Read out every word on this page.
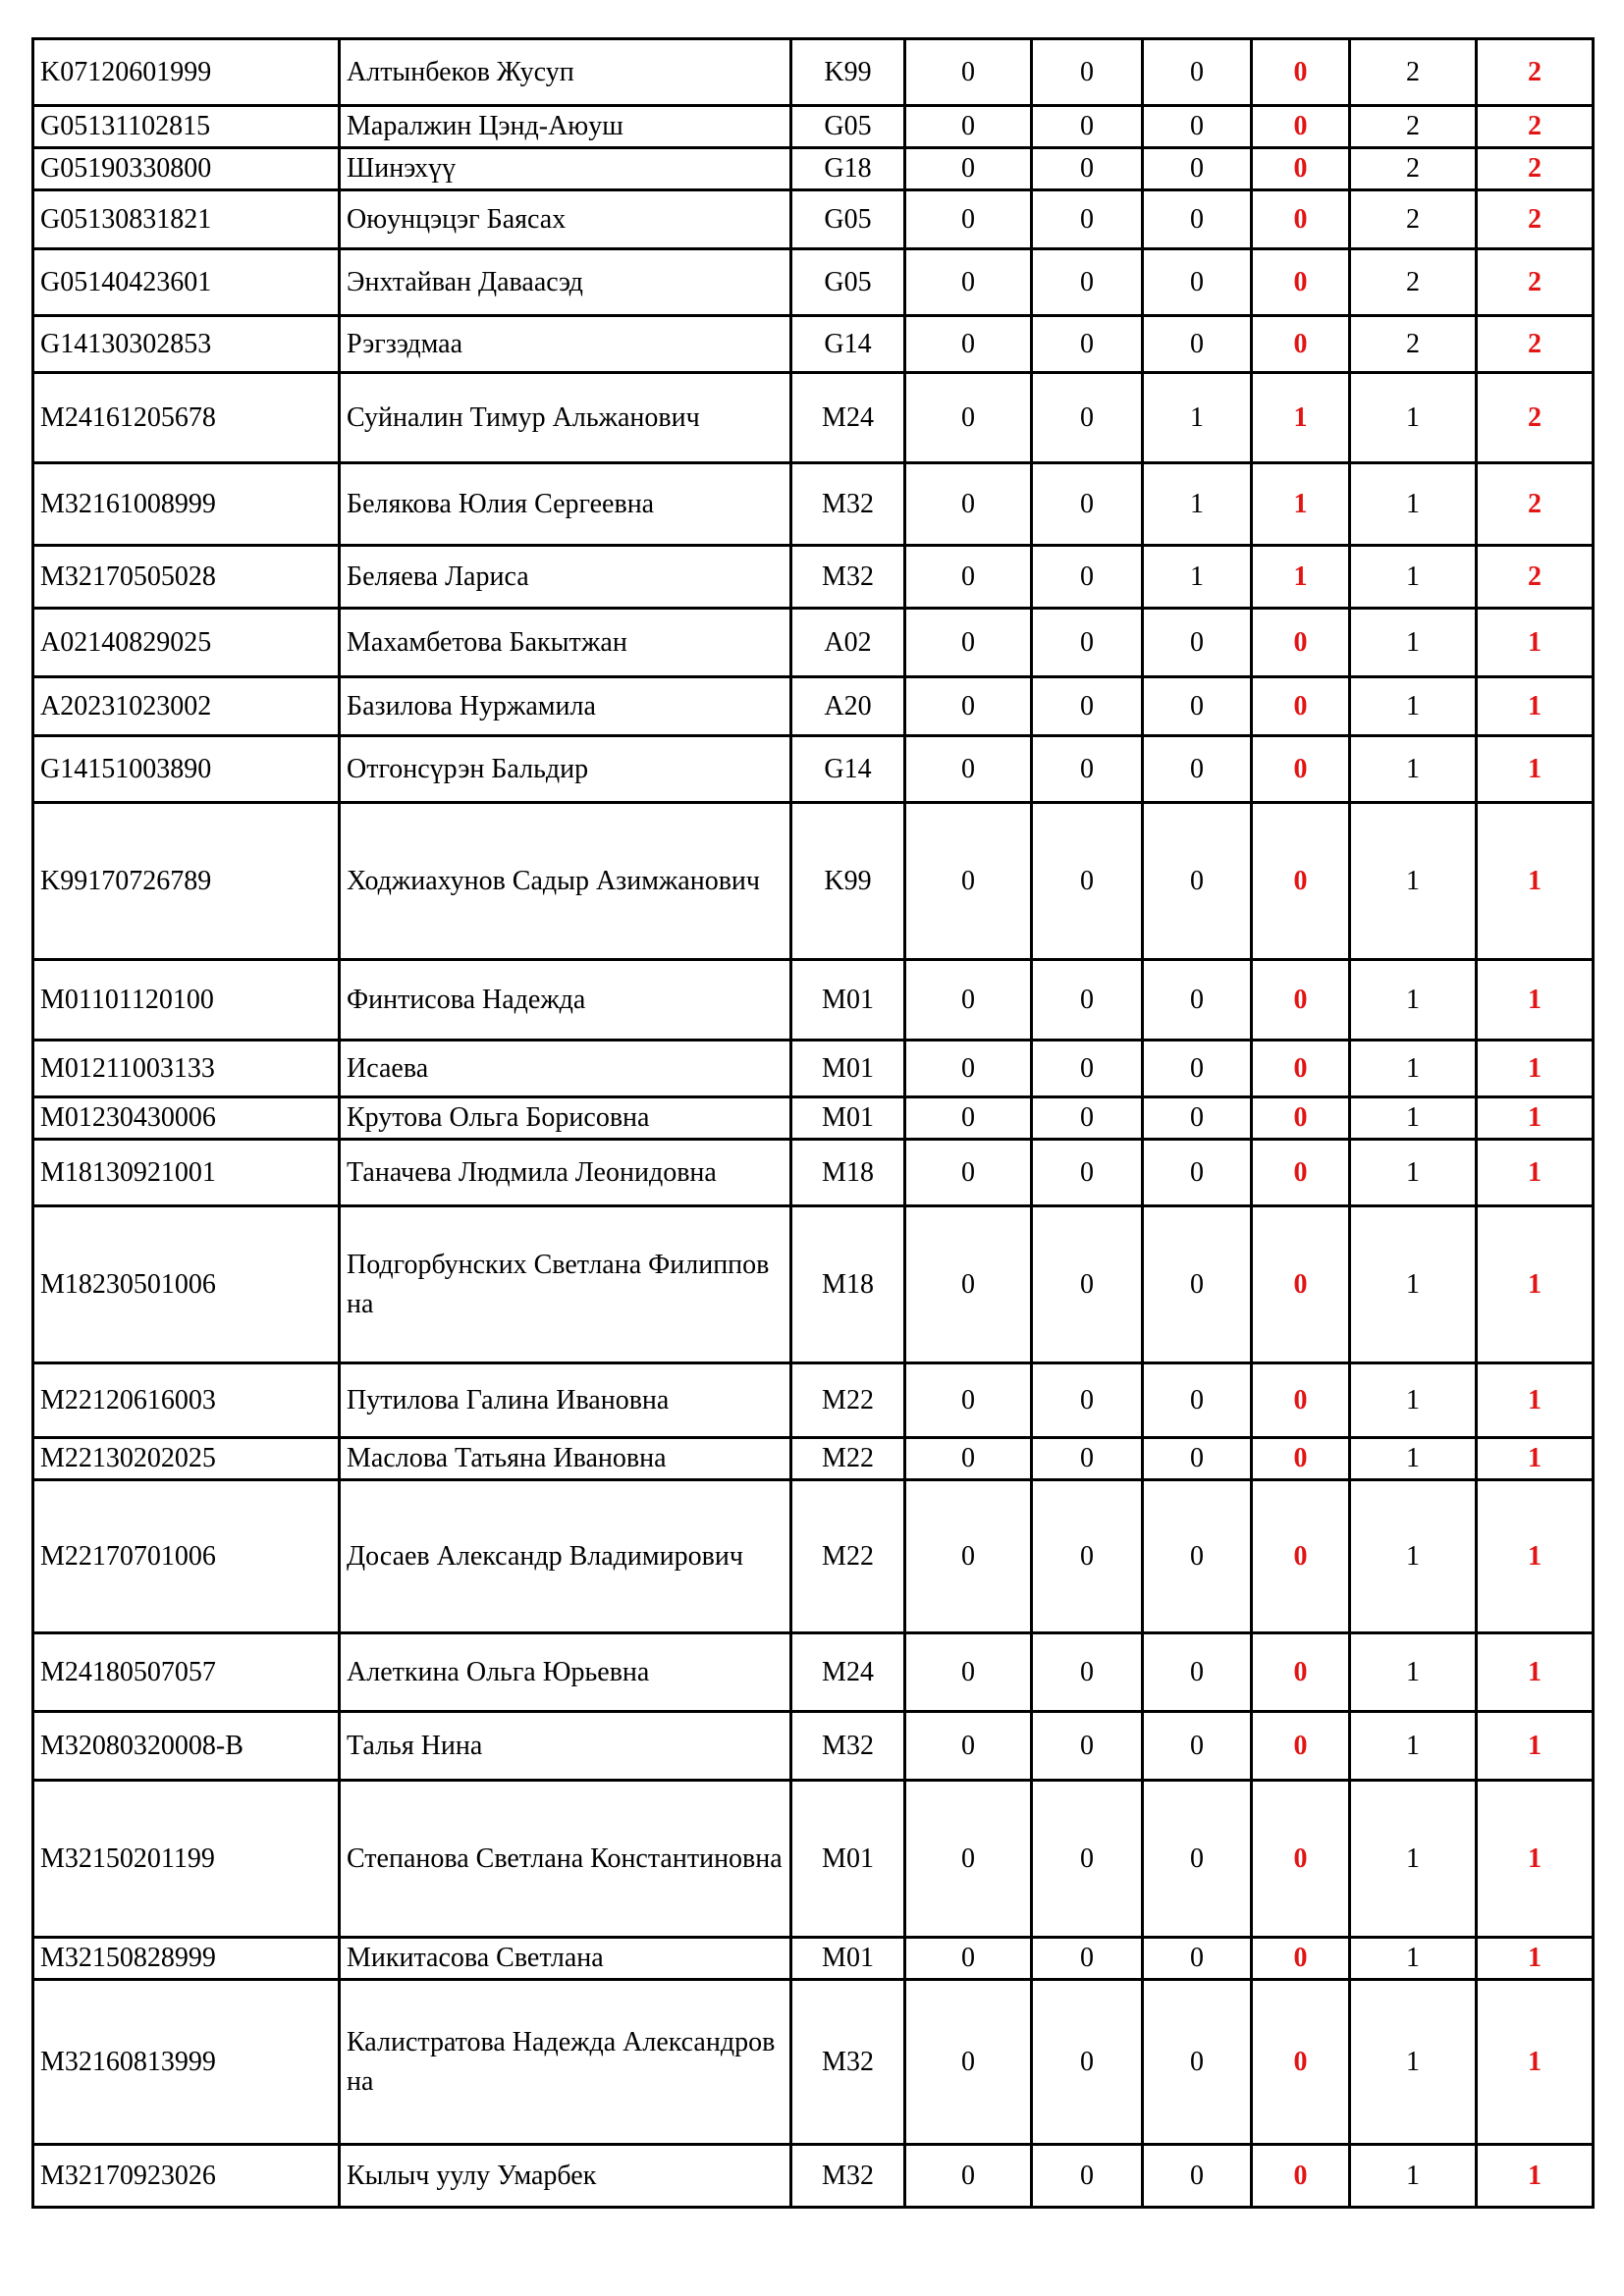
K07120601999	Алтынбеков Жусуп	K99	0	0	0	0	2	2
G05131102815	Маралжин Цэнд-Аюуш	G05	0	0	0	0	2	2
G05190330800	Шинэхүү	G18	0	0	0	0	2	2
G05130831821	Оюунцэцэг Баясах	G05	0	0	0	0	2	2
G05140423601	Энхтайван Даваасэд	G05	0	0	0	0	2	2
G14130302853	Рэгзэдмаа	G14	0	0	0	0	2	2
M24161205678	Суйналин Тимур Альжанович	M24	0	0	1	1	1	2
M32161008999	Белякова Юлия Сергеевна	M32	0	0	1	1	1	2
M32170505028	Беляева Лариса	M32	0	0	1	1	1	2
A02140829025	Махамбетова Бакытжан	A02	0	0	0	0	1	1
A20231023002	Базилова Нуржамила	A20	0	0	0	0	1	1
G14151003890	Отгонсүрэн Бальдир	G14	0	0	0	0	1	1
K99170726789	Ходжиахунов Садыр Азимжанович	K99	0	0	0	0	1	1
M01101120100	Финтисова Надежда	M01	0	0	0	0	1	1
M01211003133	Исаева	M01	0	0	0	0	1	1
M01230430006	Крутова Ольга Борисовна	M01	0	0	0	0	1	1
M18130921001	Таначева Людмила Леонидовна	M18	0	0	0	0	1	1
M18230501006	Подгорбунских Светлана Филипповна	M18	0	0	0	0	1	1
M22120616003	Путилова Галина Ивановна	M22	0	0	0	0	1	1
M22130202025	Маслова Татьяна Ивановна	M22	0	0	0	0	1	1
M22170701006	Досаев Александр Владимирович	M22	0	0	0	0	1	1
M24180507057	Алеткина Ольга Юрьевна	M24	0	0	0	0	1	1
M32080320008-B	Талья Нина	M32	0	0	0	0	1	1
M32150201199	Степанова Светлана Константиновна	M01	0	0	0	0	1	1
M32150828999	Микитасова Светлана	M01	0	0	0	0	1	1
M32160813999	Калистратова Надежда Александровна	M32	0	0	0	0	1	1
M32170923026	Кылыч уулу Умарбек	M32	0	0	0	0	1	1
